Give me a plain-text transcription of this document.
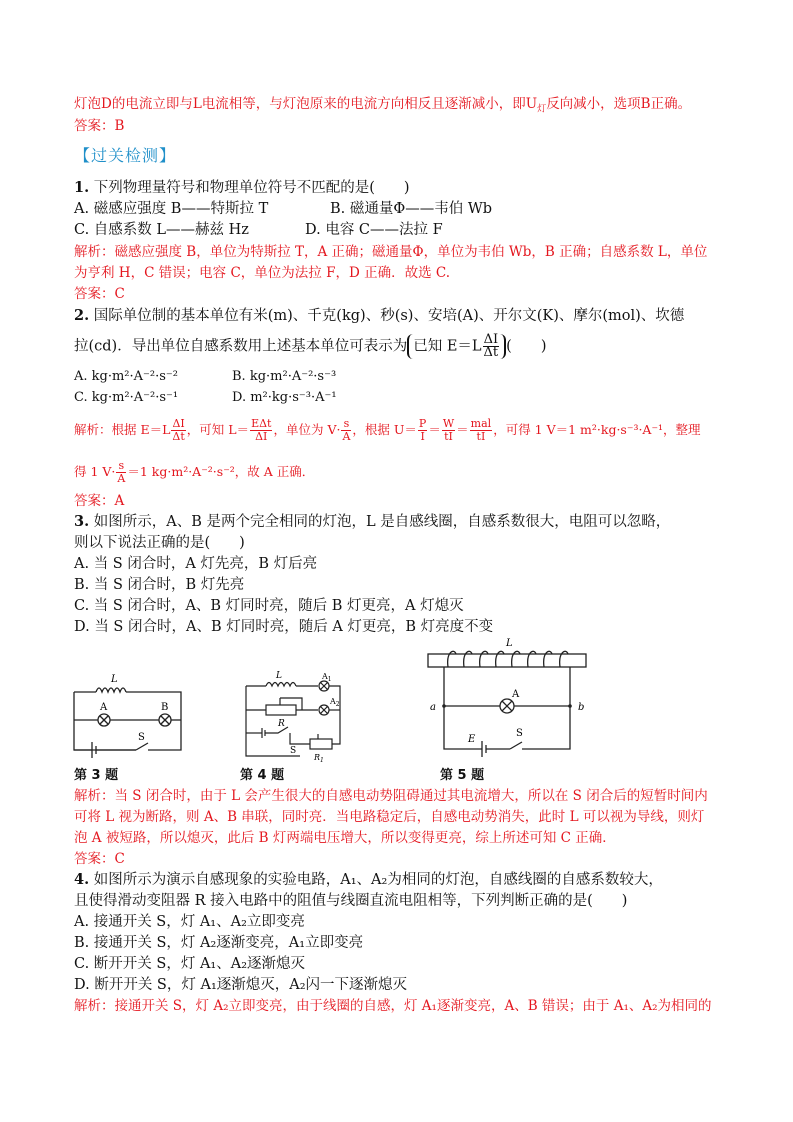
灯泡D的电流立即与L电流相等，与灯泡原来的电流方向相反且逐渐减小，即$U_灯$反向减小，选项B正确。
答案：B
【过关检测】
1. 下列物理量符号和物理单位符号不匹配的是(　　)
A. 磁感应强度 B——特斯拉 T	B. 磁通量Φ——韦伯 Wb
C. 自感系数 L——赫兹 Hz	D. 电容 C——法拉 F
解析：磁感应强度 B，单位为特斯拉 T，A 正确；磁通量Φ，单位为韦伯 Wb，B 正确；自感系数 L，单位
为亨利 H，C 错误；电容 C，单位为法拉 F，D 正确．故选 C.
答案：C
2. 国际单位制的基本单位有米(m)、千克(kg)、秒(s)、安培(A)、开尔文(K)、摩尔(mol)、坎德
拉(cd)．导出单位自感系数用上述基本单位可表示为 已知 $E=L \frac{\Delta I}{\Delta t}$ (　　)
A. kg·m²·A⁻²·s⁻²	B. kg·m²·A⁻²·s⁻³
C. kg·m²·A⁻²·s⁻¹	D. m²·kg·s⁻³·A⁻¹
解析：根据 $E=L \frac{\Delta I}{\Delta t}$ ，可知 $L= \frac{\text{EΔt}}{\Delta I}$ ，单位为 $V\cdot \frac{s}{A}$ ，根据 $U= \frac{P}{I} = \frac{W}{tI} = \frac{\text{mal}}{tI}$ ，可得 1 V＝1 m²·kg·s⁻³·A⁻¹，整理
得 1 $V\cdot \frac{s}{A} =1$ kg·m²·A⁻²·s⁻²，故 A 正确．
答案：A
3. 如图所示，A、B 是两个完全相同的灯泡，L 是自感线圈，自感系数很大，电阻可以忽略，
则以下说法正确的是(　　)
A. 当 S 闭合时，A 灯先亮，B 灯后亮
B. 当 S 闭合时，B 灯先亮
C. 当 S 闭合时，A、B 灯同时亮，随后 B 灯更亮，A 灯熄灭
D. 当 S 闭合时，A、B 灯同时亮，随后 A 灯更亮，B 灯亮度不变
L
A	B
S
第 3 题
L	$A_1$
$A_2$
R
$R_1$
S
第 4 题
L
A
a	b
E
S
第 5 题
解析：当 S 闭合时，由于 L 会产生很大的自感电动势阻碍通过其电流增大，所以在 S 闭合后的短暂时间内
可将 L 视为断路，则 A、B 串联，同时亮．当电路稳定后，自感电动势消失，此时 L 可以视为导线，则灯
泡 A 被短路，所以熄灭，此后 B 灯两端电压增大，所以变得更亮，综上所述可知 C 正确．
答案：C
4. 如图所示为演示自感现象的实验电路，A₁、A₂为相同的灯泡，自感线圈的自感系数较大，
且使得滑动变阻器 R 接入电路中的阻值与线圈直流电阻相等，下列判断正确的是(　　)
A. 接通开关 S，灯 A₁、A₂立即变亮
B. 接通开关 S，灯 A₂逐渐变亮，A₁立即变亮
C. 断开开关 S，灯 A₁、A₂逐渐熄灭
D. 断开开关 S，灯 A₁逐渐熄灭，A₂闪一下逐渐熄灭
解析：接通开关 S，灯 A₂立即变亮，由于线圈的自感，灯 A₁逐渐变亮，A、B 错误；由于 A₁、A₂为相同的
